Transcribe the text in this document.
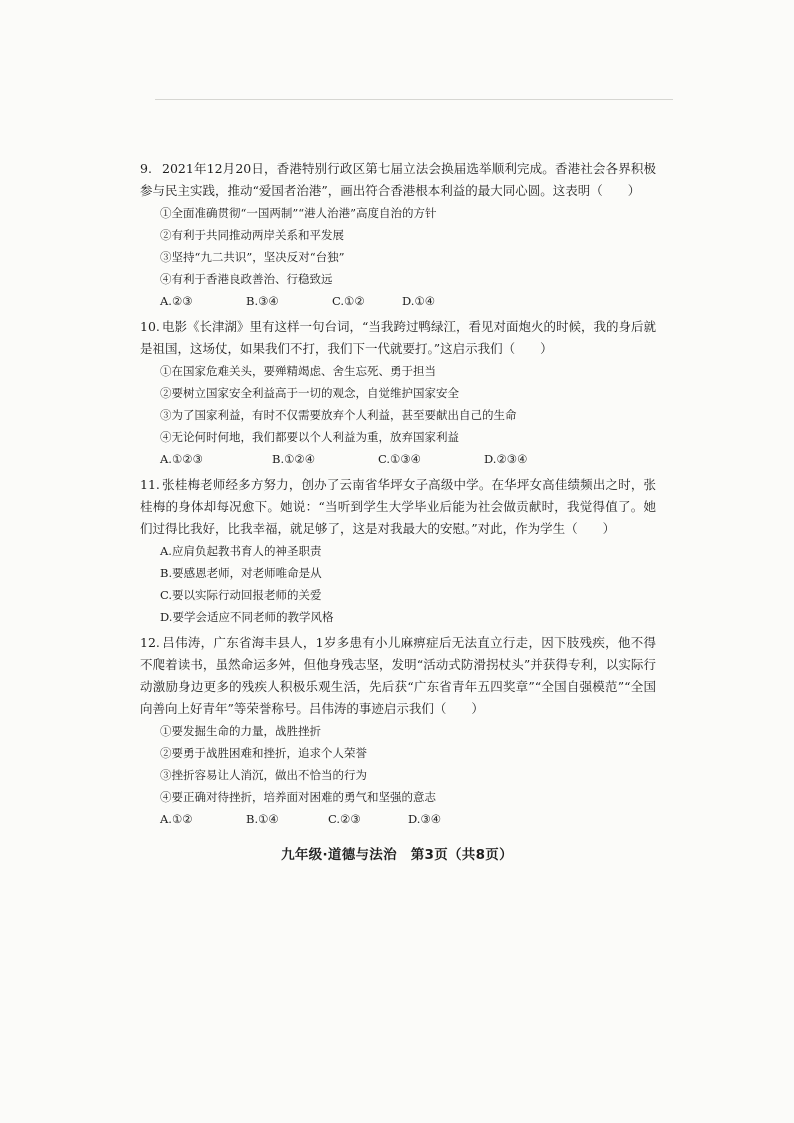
9. 2021年12月20日，香港特别行政区第七届立法会换届选举顺利完成。香港社会各界积极参与民主实践，推动“爱国者治港”，画出符合香港根本利益的最大同心圆。这表明（　　）
①全面准确贯彻“一国两制”“港人治港”高度自治的方针
②有利于共同推动两岸关系和平发展
③坚持“九二共识”，坚决反对“台独”
④有利于香港良政善治、行稳致远
A.②③	B.③④	C.①②	D.①④
10. 电影《长津湖》里有这样一句台词，“当我跨过鸭绿江，看见对面炮火的时候，我的身后就是祖国，这场仗，如果我们不打，我们下一代就要打。”这启示我们（　　）
①在国家危难关头，要殚精竭虑、舍生忘死、勇于担当
②要树立国家安全利益高于一切的观念，自觉维护国家安全
③为了国家利益，有时不仅需要放弃个人利益，甚至要献出自己的生命
④无论何时何地，我们都要以个人利益为重，放弃国家利益
A.①②③	B.①②④	C.①③④	D.②③④
11. 张桂梅老师经多方努力，创办了云南省华坪女子高级中学。在华坪女高佳绩频出之时，张桂梅的身体却每况愈下。她说：“当听到学生大学毕业后能为社会做贡献时，我觉得值了。她们过得比我好，比我幸福，就足够了，这是对我最大的安慰。”对此，作为学生（　　）
A.应肩负起教书育人的神圣职责
B.要感恩老师，对老师唯命是从
C.要以实际行动回报老师的关爱
D.要学会适应不同老师的教学风格
12. 吕伟涛，广东省海丰县人，1岁多患有小儿麻痹症后无法直立行走，因下肢残疾，他不得不爬着读书，虽然命运多舛，但他身残志坚，发明“活动式防滑拐杖头”并获得专利，以实际行动激励身边更多的残疾人积极乐观生活，先后获“广东省青年五四奖章”“全国自强模范”“全国向善向上好青年”等荣誉称号。吕伟涛的事迹启示我们（　　）
①要发掘生命的力量，战胜挫折
②要勇于战胜困难和挫折，追求个人荣誉
③挫折容易让人消沉，做出不恰当的行为
④要正确对待挫折，培养面对困难的勇气和坚强的意志
A.①②	B.①④	C.②③	D.③④
九年级·道德与法治　第3页（共8页）
